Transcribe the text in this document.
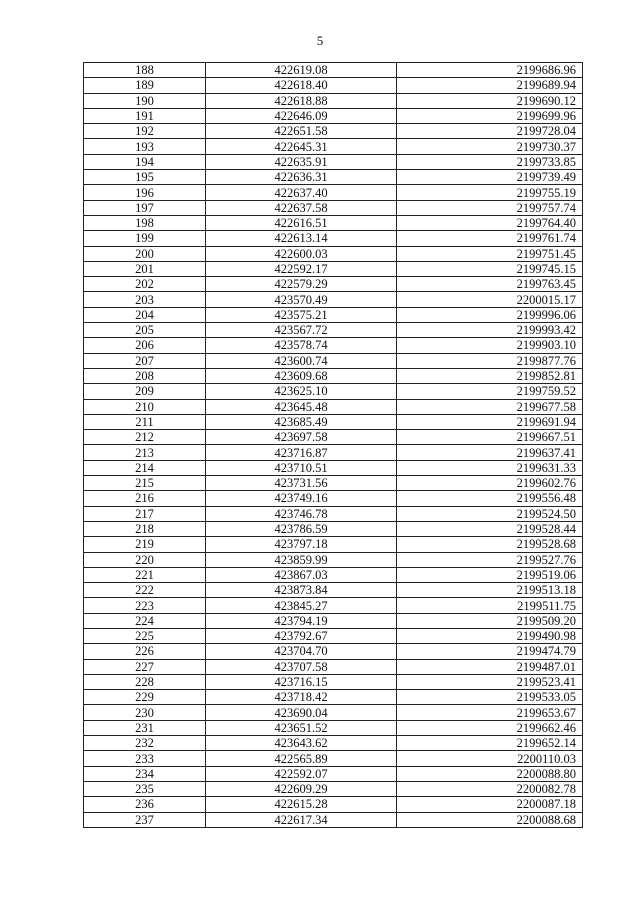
5
188	422619.08	2199686.96
189	422618.40	2199689.94
190	422618.88	2199690.12
191	422646.09	2199699.96
192	422651.58	2199728.04
193	422645.31	2199730.37
194	422635.91	2199733.85
195	422636.31	2199739.49
196	422637.40	2199755.19
197	422637.58	2199757.74
198	422616.51	2199764.40
199	422613.14	2199761.74
200	422600.03	2199751.45
201	422592.17	2199745.15
202	422579.29	2199763.45
203	423570.49	2200015.17
204	423575.21	2199996.06
205	423567.72	2199993.42
206	423578.74	2199903.10
207	423600.74	2199877.76
208	423609.68	2199852.81
209	423625.10	2199759.52
210	423645.48	2199677.58
211	423685.49	2199691.94
212	423697.58	2199667.51
213	423716.87	2199637.41
214	423710.51	2199631.33
215	423731.56	2199602.76
216	423749.16	2199556.48
217	423746.78	2199524.50
218	423786.59	2199528.44
219	423797.18	2199528.68
220	423859.99	2199527.76
221	423867.03	2199519.06
222	423873.84	2199513.18
223	423845.27	2199511.75
224	423794.19	2199509.20
225	423792.67	2199490.98
226	423704.70	2199474.79
227	423707.58	2199487.01
228	423716.15	2199523.41
229	423718.42	2199533.05
230	423690.04	2199653.67
231	423651.52	2199662.46
232	423643.62	2199652.14
233	422565.89	2200110.03
234	422592.07	2200088.80
235	422609.29	2200082.78
236	422615.28	2200087.18
237	422617.34	2200088.68
